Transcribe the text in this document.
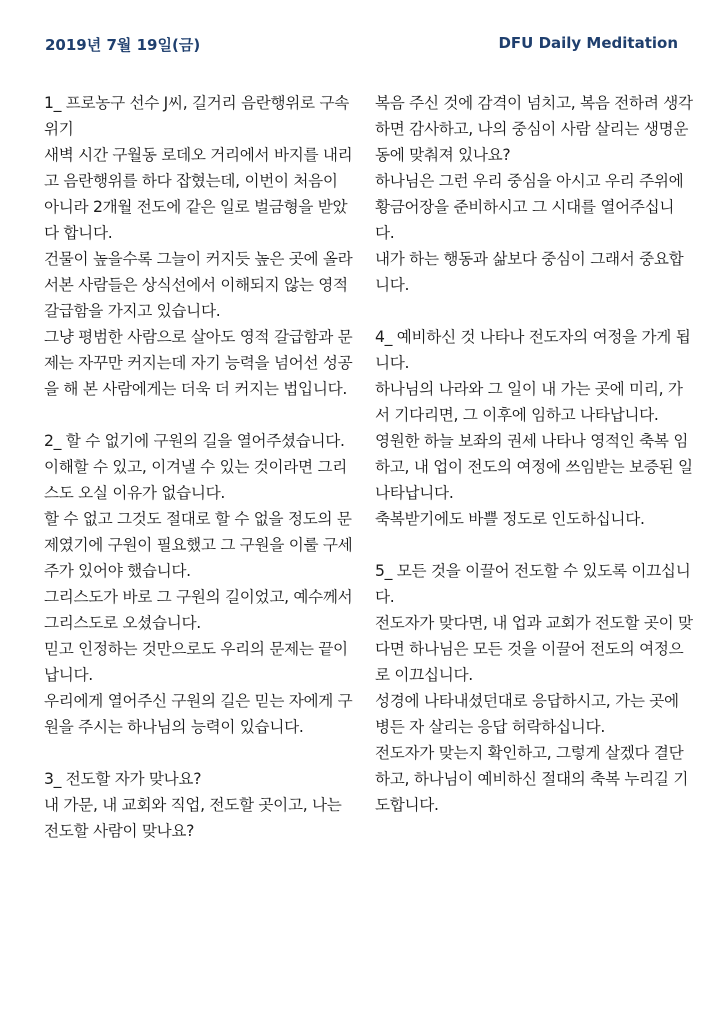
2019년 7월 19일(금)	DFU Daily Meditation

1_ 프로농구 선수 J씨, 길거리 음란행위로 구속 위기

새벽 시간 구월동 로데오 거리에서 바지를 내리고 음란행위를 하다 잡혔는데, 이번이 처음이 아니라 2개월 전도에 같은 일로 벌금형을 받았다 합니다.

건물이 높을수록 그늘이 커지듯 높은 곳에 올라서본 사람들은 상식선에서 이해되지 않는 영적 갈급함을 가지고 있습니다.

그냥 평범한 사람으로 살아도 영적 갈급함과 문제는 자꾸만 커지는데 자기 능력을 넘어선 성공을 해 본 사람에게는 더욱 더 커지는 법입니다.

2_ 할 수 없기에 구원의 길을 열어주셨습니다.

이해할 수 있고, 이겨낼 수 있는 것이라면 그리스도 오실 이유가 없습니다.

할 수 없고 그것도 절대로 할 수 없을 정도의 문제였기에 구원이 필요했고 그 구원을 이룰 구세주가 있어야 했습니다.

그리스도가 바로 그 구원의 길이었고, 예수께서 그리스도로 오셨습니다.

믿고 인정하는 것만으로도 우리의 문제는 끝이 납니다.

우리에게 열어주신 구원의 길은 믿는 자에게 구원을 주시는 하나님의 능력이 있습니다.

3_ 전도할 자가 맞나요?

내 가문, 내 교회와 직업, 전도할 곳이고, 나는 전도할 사람이 맞나요?

복음 주신 것에 감격이 넘치고, 복음 전하려 생각하면 감사하고, 나의 중심이 사람 살리는 생명운동에 맞춰져 있나요?

하나님은 그런 우리 중심을 아시고 우리 주위에 황금어장을 준비하시고 그 시대를 열어주십니다.

내가 하는 행동과 삶보다 중심이 그래서 중요합니다.

4_ 예비하신 것 나타나 전도자의 여정을 가게 됩니다.

하나님의 나라와 그 일이 내 가는 곳에 미리, 가서 기다리면, 그 이후에 임하고 나타납니다.

영원한 하늘 보좌의 권세 나타나 영적인 축복 임하고, 내 업이 전도의 여정에 쓰임받는 보증된 일 나타납니다.

축복받기에도 바쁠 정도로 인도하십니다.

5_ 모든 것을 이끌어 전도할 수 있도록 이끄십니다.

전도자가 맞다면, 내 업과 교회가 전도할 곳이 맞다면 하나님은 모든 것을 이끌어 전도의 여정으로 이끄십니다.

성경에 나타내셨던대로 응답하시고, 가는 곳에 병든 자 살리는 응답 허락하십니다.

전도자가 맞는지 확인하고, 그렇게 살겠다 결단하고, 하나님이 예비하신 절대의 축복 누리길 기도합니다.
